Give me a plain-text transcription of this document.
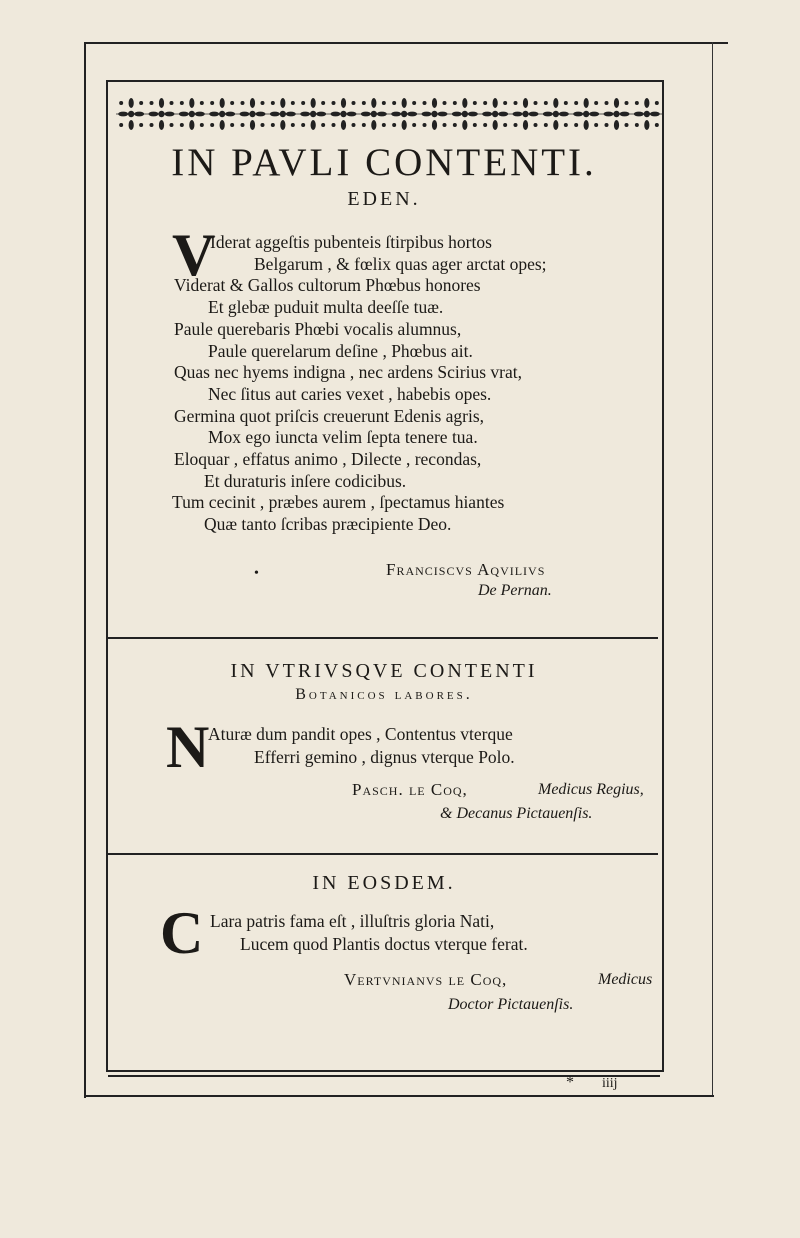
IN PAVLI CONTENTI.
EDEN.
V
Iderat aggeſtis pubenteis ſtirpibus hortos
Belgarum , & fœlix quas ager arctat opes;
Viderat & Gallos cultorum Phœbus honores
Et glebæ puduit multa deeſſe tuæ.
Paule querebaris Phœbi vocalis alumnus,
Paule querelarum deſine , Phœbus ait.
Quas nec hyems indigna , nec ardens Scirius vrat,
Nec ſitus aut caries vexet , habebis opes.
Germina quot priſcis creuerunt Edenis agris,
Mox ego iuncta velim ſepta tenere tua.
Eloquar , effatus animo , Dilecte , recondas,
Et duraturis inſere codicibus.
Tum cecinit , præbes aurem , ſpectamus hiantes
Quæ tanto ſcribas præcipiente Deo.
•	Franciscvs Aqvilivs
De Pernan.
IN VTRIVSQVE CONTENTI
Botanicos labores.
N
Aturæ dum pandit opes , Contentus vterque
Efferri gemino , dignus vterque Polo.
Pasch. le Coq,	Medicus Regius,
& Decanus Pictauenſis.
IN EOSDEM.
C Lara patris fama eſt , illuſtris gloria Nati,
Lucem quod Plantis doctus vterque ferat.
Vertvnianvs le Coq,	Medicus
Doctor Pictauenſis.
* iiij
